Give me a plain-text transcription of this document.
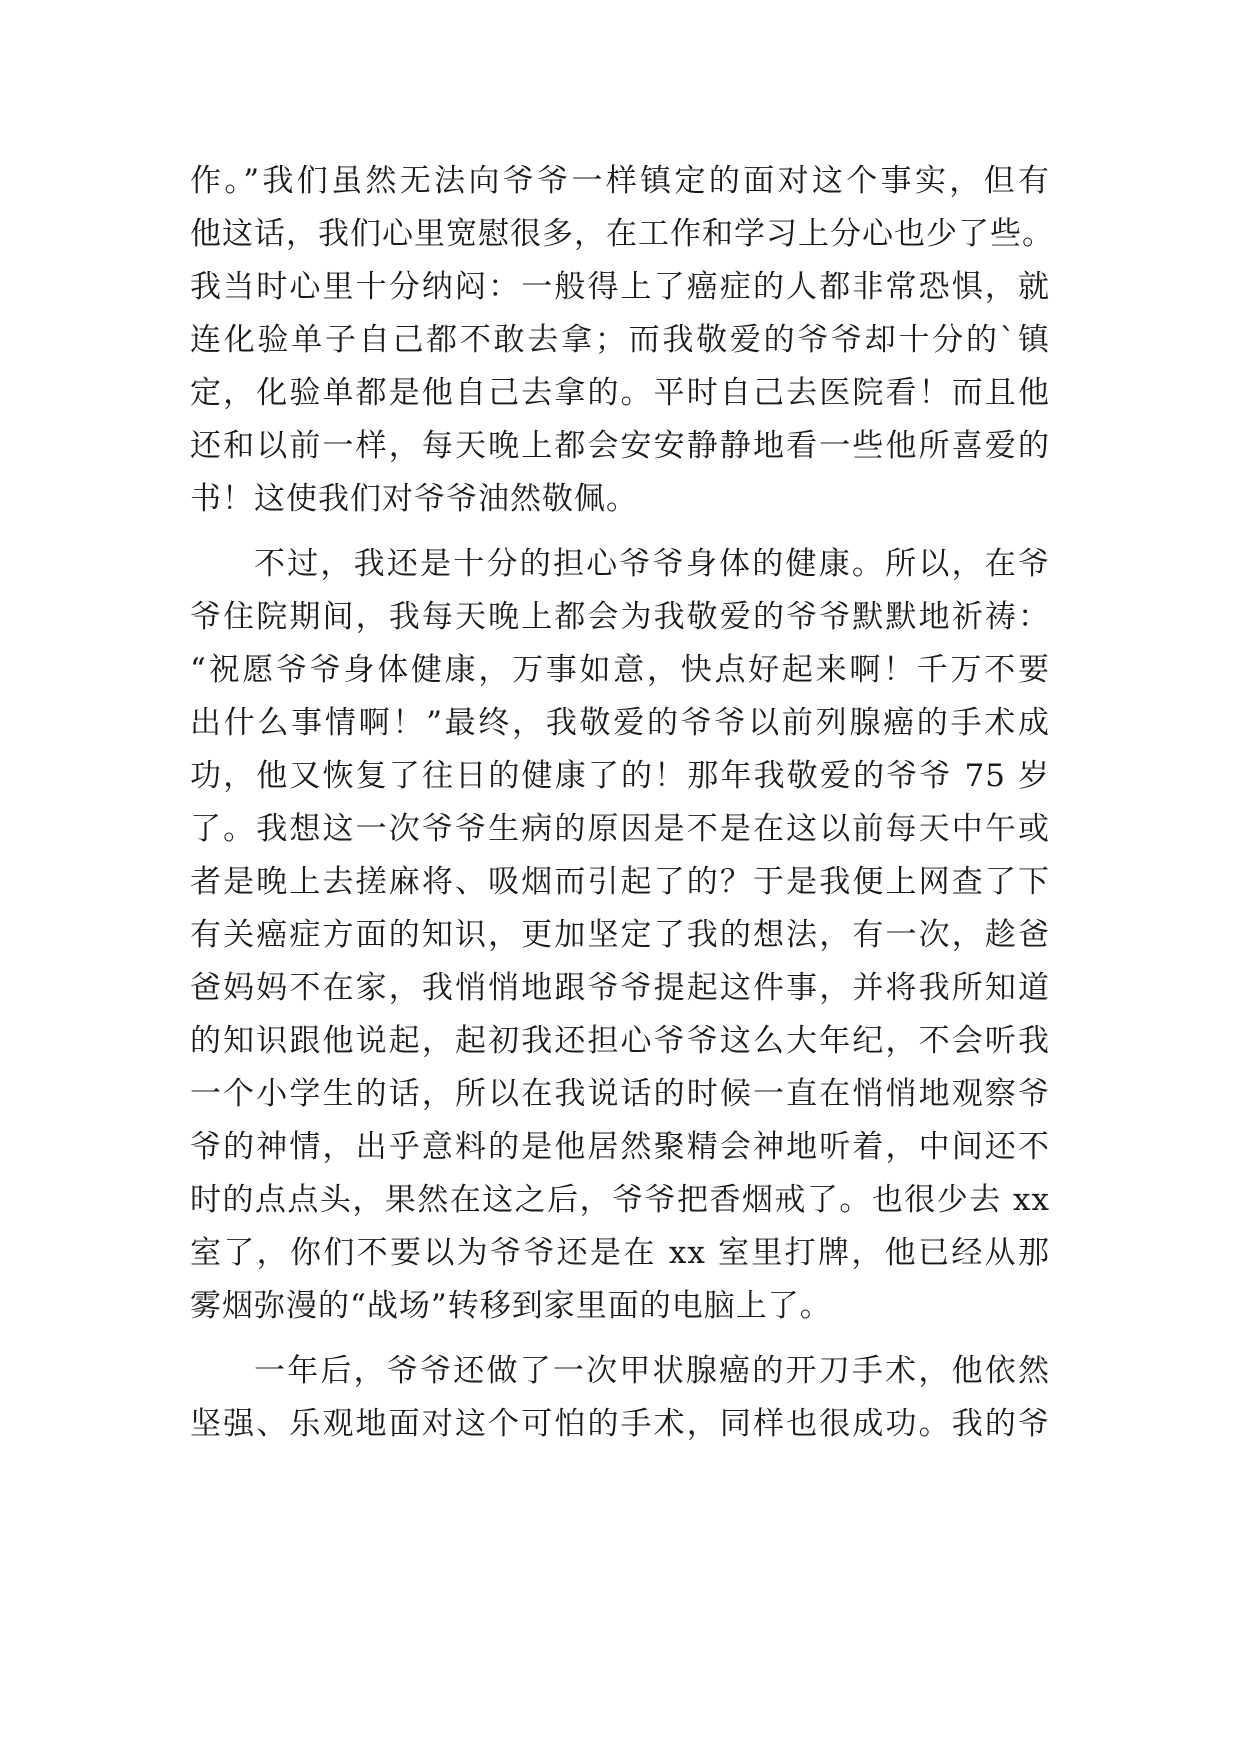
作。”我们虽然无法向爷爷一样镇定的面对这个事实，但有
他这话，我们心里宽慰很多，在工作和学习上分心也少了些。
我当时心里十分纳闷：一般得上了癌症的人都非常恐惧，就
连化验单子自己都不敢去拿；而我敬爱的爷爷却十分的`镇
定，化验单都是他自己去拿的。平时自己去医院看！而且他
还和以前一样，每天晚上都会安安静静地看一些他所喜爱的
书！这使我们对爷爷油然敬佩。
不过，我还是十分的担心爷爷身体的健康。所以，在爷
爷住院期间，我每天晚上都会为我敬爱的爷爷默默地祈祷：
“祝愿爷爷身体健康，万事如意，快点好起来啊！千万不要
出什么事情啊！”最终，我敬爱的爷爷以前列腺癌的手术成
功，他又恢复了往日的健康了的！那年我敬爱的爷爷 75 岁
了。我想这一次爷爷生病的原因是不是在这以前每天中午或
者是晚上去搓麻将、吸烟而引起了的？于是我便上网查了下
有关癌症方面的知识，更加坚定了我的想法，有一次，趁爸
爸妈妈不在家，我悄悄地跟爷爷提起这件事，并将我所知道
的知识跟他说起，起初我还担心爷爷这么大年纪，不会听我
一个小学生的话，所以在我说话的时候一直在悄悄地观察爷
爷的神情，出乎意料的是他居然聚精会神地听着，中间还不
时的点点头，果然在这之后，爷爷把香烟戒了。也很少去 xx
室了，你们不要以为爷爷还是在 xx 室里打牌，他已经从那
雾烟弥漫的“战场”转移到家里面的电脑上了。
一年后，爷爷还做了一次甲状腺癌的开刀手术，他依然
坚强、乐观地面对这个可怕的手术，同样也很成功。我的爷
